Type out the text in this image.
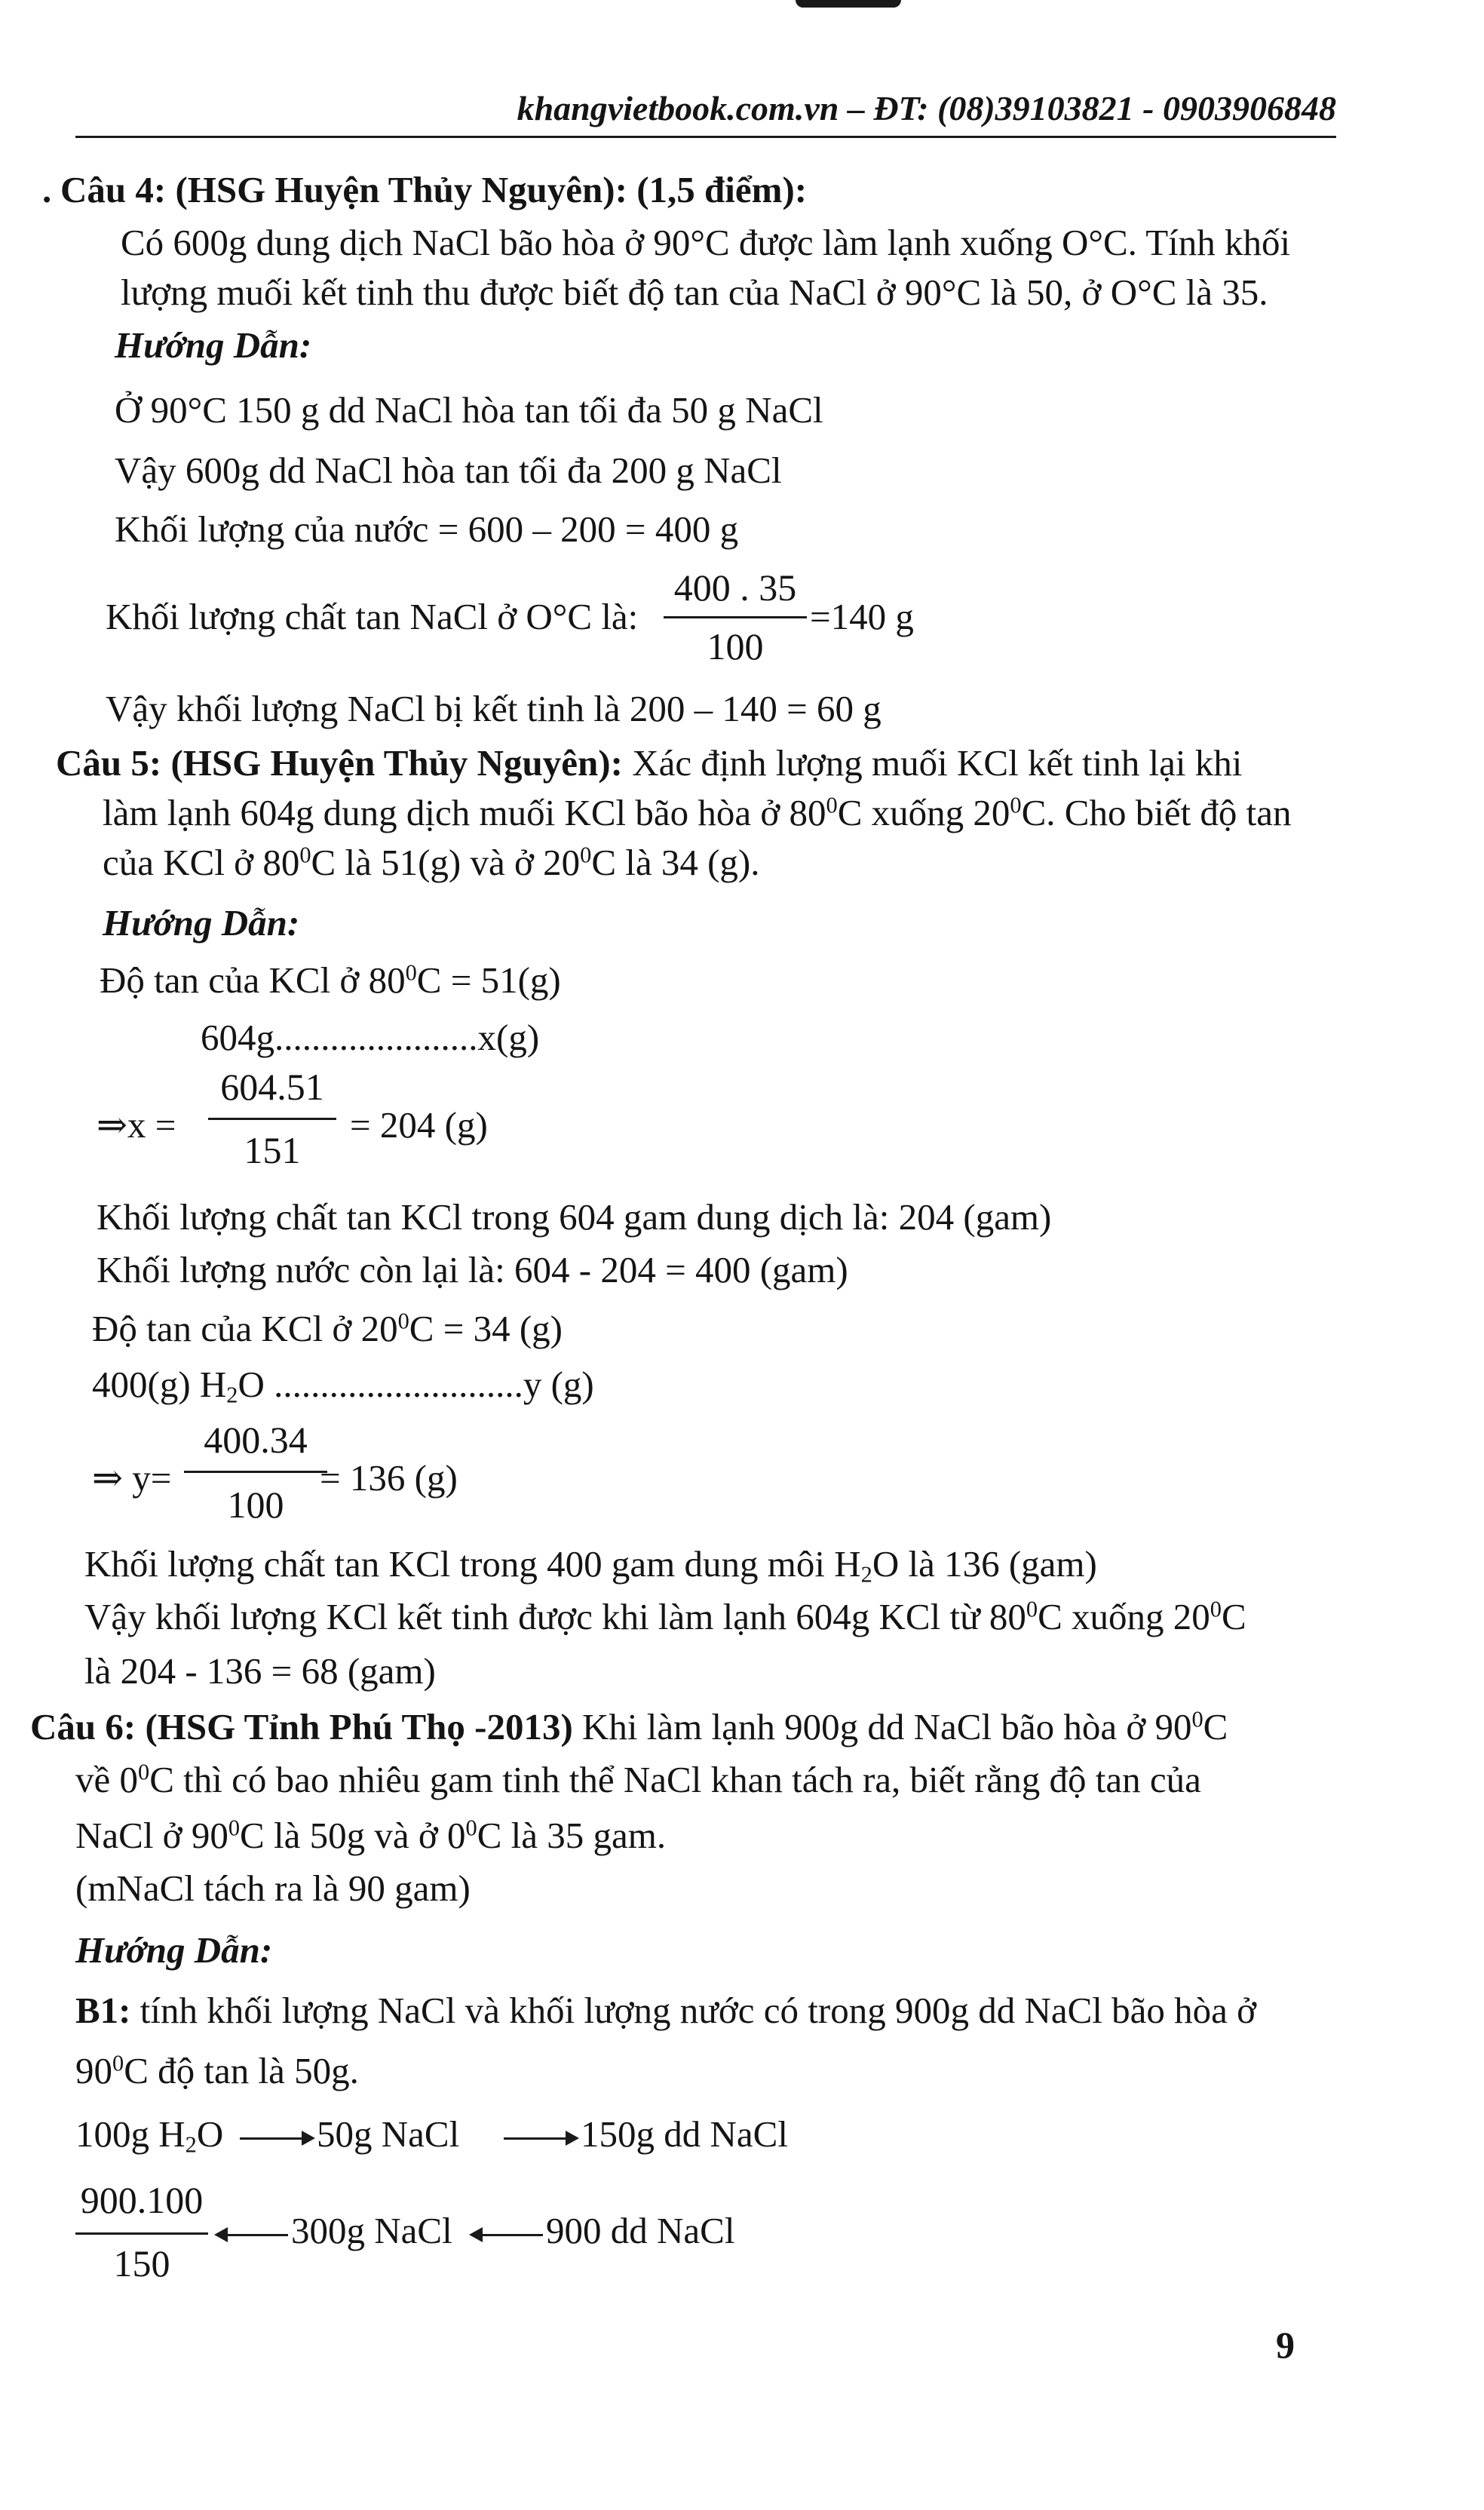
khangvietbook.com.vn – ĐT: (08)39103821 - 0903906848
. Câu 4: (HSG Huyện Thủy Nguyên): (1,5 điểm):
Có 600g dung dịch NaCl bão hòa ở 90°C được làm lạnh xuống O°C. Tính khối
lượng muối kết tinh thu được biết độ tan của NaCl ở 90°C là 50, ở O°C là 35.
Hướng Dẫn:
Ở 90°C 150 g dd NaCl hòa tan tối đa 50 g NaCl
Vậy 600g dd NaCl hòa tan tối đa 200 g NaCl
Khối lượng của nước = 600 – 200 = 400 g
Khối lượng chất tan NaCl ở O°C là:
400 . 35
100
=140 g
Vậy khối lượng NaCl bị kết tinh là 200 – 140 = 60 g
Câu 5: (HSG Huyện Thủy Nguyên): Xác định lượng muối KCl kết tinh lại khi
làm lạnh 604g dung dịch muối KCl bão hòa ở $80^0C$ xuống $20^0C$. Cho biết độ tan
của KCl ở $80^0C$ là 51(g) và ở $20^0C$ là 34 (g).
Hướng Dẫn:
Độ tan của KCl ở $80^0C = 51(g)$
604g......................x(g)
⇒x =
604.51
151
= 204 (g)
Khối lượng chất tan KCl trong 604 gam dung dịch là: 204 (gam)
Khối lượng nước còn lại là: 604 - 204 = 400 (gam)
Độ tan của KCl ở $20^0C = 34$ (g)
400(g) $H_2O$ ...........................y (g)
⇒ y=
400.34
100
= 136 (g)
Khối lượng chất tan KCl trong 400 gam dung môi $H_2O$ là 136 (gam)
Vậy khối lượng KCl kết tinh được khi làm lạnh 604g KCl từ $80^0C$ xuống $20^0C$
là 204 - 136 = 68 (gam)
Câu 6: (HSG Tỉnh Phú Thọ -2013) Khi làm lạnh 900g dd NaCl bão hòa ở $90^0C$
về $0^0C$ thì có bao nhiêu gam tinh thể NaCl khan tách ra, biết rằng độ tan của
NaCl ở $90^0C$ là 50g và ở $0^0C$ là 35 gam.
(mNaCl tách ra là 90 gam)
Hướng Dẫn:
B1: tính khối lượng NaCl và khối lượng nước có trong 900g dd NaCl bão hòa ở
$90^0C$ độ tan là 50g.
100g $H_2O$	50g NaCl	150g dd NaCl
900.100
150
300g NaCl	900 dd NaCl
9
